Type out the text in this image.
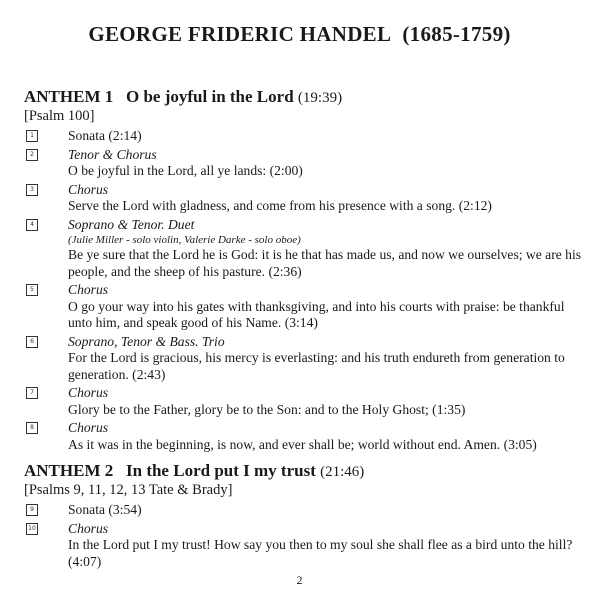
GEORGE FRIDERIC HANDEL (1685-1759)
ANTHEM 1 O be joyful in the Lord (19:39)
[Psalm 100]
1	Sonata (2:14)
2	Tenor & Chorus
O be joyful in the Lord, all ye lands: (2:00)
3	Chorus
Serve the Lord with gladness, and come from his presence with a song. (2:12)
4	Soprano & Tenor. Duet
(Julie Miller - solo violin, Valerie Darke - solo oboe)
Be ye sure that the Lord he is God: it is he that has made us, and now we ourselves; we are his people, and the sheep of his pasture. (2:36)
5	Chorus
O go your way into his gates with thanksgiving, and into his courts with praise: be thankful unto him, and speak good of his Name. (3:14)
6	Soprano, Tenor & Bass. Trio
For the Lord is gracious, his mercy is everlasting: and his truth endureth from generation to generation. (2:43)
7	Chorus
Glory be to the Father, glory be to the Son: and to the Holy Ghost; (1:35)
8	Chorus
As it was in the beginning, is now, and ever shall be; world without end. Amen. (3:05)
ANTHEM 2 In the Lord put I my trust (21:46)
[Psalms 9, 11, 12, 13 Tate & Brady]
9	Sonata (3:54)
10 Chorus
In the Lord put I my trust! How say you then to my soul she shall flee as a bird unto the hill? (4:07)
2
